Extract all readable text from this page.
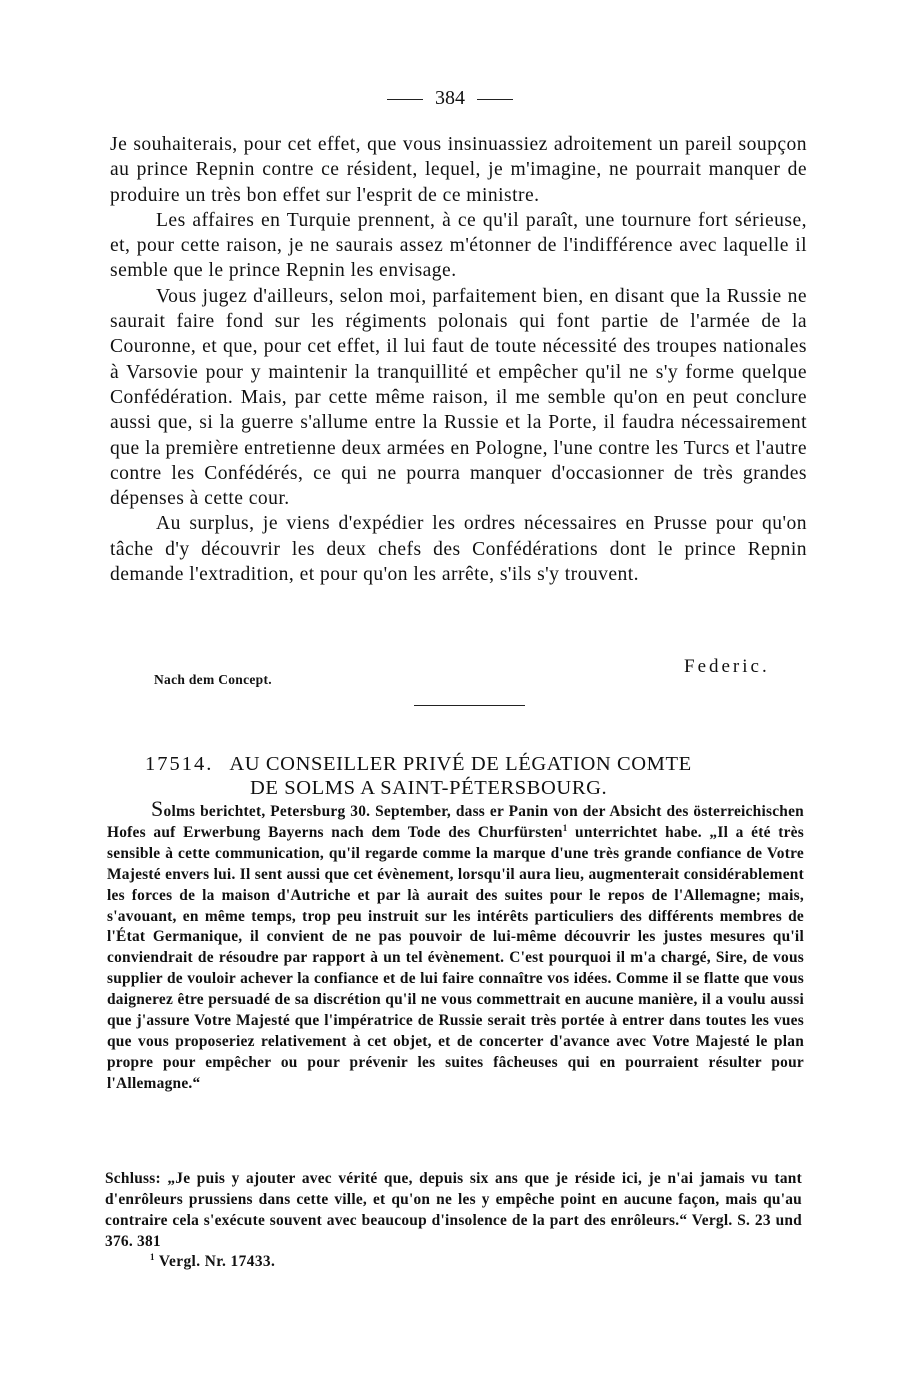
384

Je souhaiterais, pour cet effet, que vous insinuassiez adroitement un pareil soupçon au prince Repnin contre ce résident, lequel, je m'imagine, ne pourrait manquer de produire un très bon effet sur l'esprit de ce ministre.

Les affaires en Turquie prennent, à ce qu'il paraît, une tournure fort sérieuse, et, pour cette raison, je ne saurais assez m'étonner de l'indifférence avec laquelle il semble que le prince Repnin les envisage.

Vous jugez d'ailleurs, selon moi, parfaitement bien, en disant que la Russie ne saurait faire fond sur les régiments polonais qui font partie de l'armée de la Couronne, et que, pour cet effet, il lui faut de toute nécessité des troupes nationales à Varsovie pour y maintenir la tranquillité et empêcher qu'il ne s'y forme quelque Confédération. Mais, par cette même raison, il me semble qu'on en peut conclure aussi que, si la guerre s'allume entre la Russie et la Porte, il faudra nécessairement que la première entretienne deux armées en Pologne, l'une contre les Turcs et l'autre contre les Confédérés, ce qui ne pourra manquer d'occasionner de très grandes dépenses à cette cour.

Au surplus, je viens d'expédier les ordres nécessaires en Prusse pour qu'on tâche d'y découvrir les deux chefs des Confédérations dont le prince Repnin demande l'extradition, et pour qu'on les arrête, s'ils s'y trouvent.

Federic.
Nach dem Concept.
17514. AU CONSEILLER PRIVÉ DE LÉGATION COMTE
DE SOLMS A SAINT-PÉTERSBOURG.

Solms berichtet, Petersburg 30. September, dass er Panin von der Absicht des österreichischen Hofes auf Erwerbung Bayerns nach dem Tode des Churfürsten$^1$ unterrichtet habe. „Il a été très sensible à cette communication, qu'il regarde comme la marque d'une très grande confiance de Votre Majesté envers lui. Il sent aussi que cet évènement, lorsqu'il aura lieu, augmenterait considérablement les forces de la maison d'Autriche et par là aurait des suites pour le repos de l'Allemagne; mais, s'avouant, en même temps, trop peu instruit sur les intérêts particuliers des différents membres de l'État Germanique, il convient de ne pas pouvoir de lui-même découvrir les justes mesures qu'il conviendrait de résoudre par rapport à un tel évènement. C'est pourquoi il m'a chargé, Sire, de vous supplier de vouloir achever la confiance et de lui faire connaître vos idées. Comme il se flatte que vous daignerez être persuadé de sa discrétion qu'il ne vous commettrait en aucune manière, il a voulu aussi que j'assure Votre Majesté que l'impératrice de Russie serait très portée à entrer dans toutes les vues que vous proposeriez relativement à cet objet, et de concerter d'avance avec Votre Majesté le plan propre pour empêcher ou pour prévenir les suites fâcheuses qui en pourraient résulter pour l'Allemagne.“

Schluss: „Je puis y ajouter avec vérité que, depuis six ans que je réside ici, je n'ai jamais vu tant d'enrôleurs prussiens dans cette ville, et qu'on ne les y empêche point en aucune façon, mais qu'au contraire cela s'exécute souvent avec beaucoup d'insolence de la part des enrôleurs.“ Vergl. S. 23 und 376. 381

$^1$ Vergl. Nr. 17433.
